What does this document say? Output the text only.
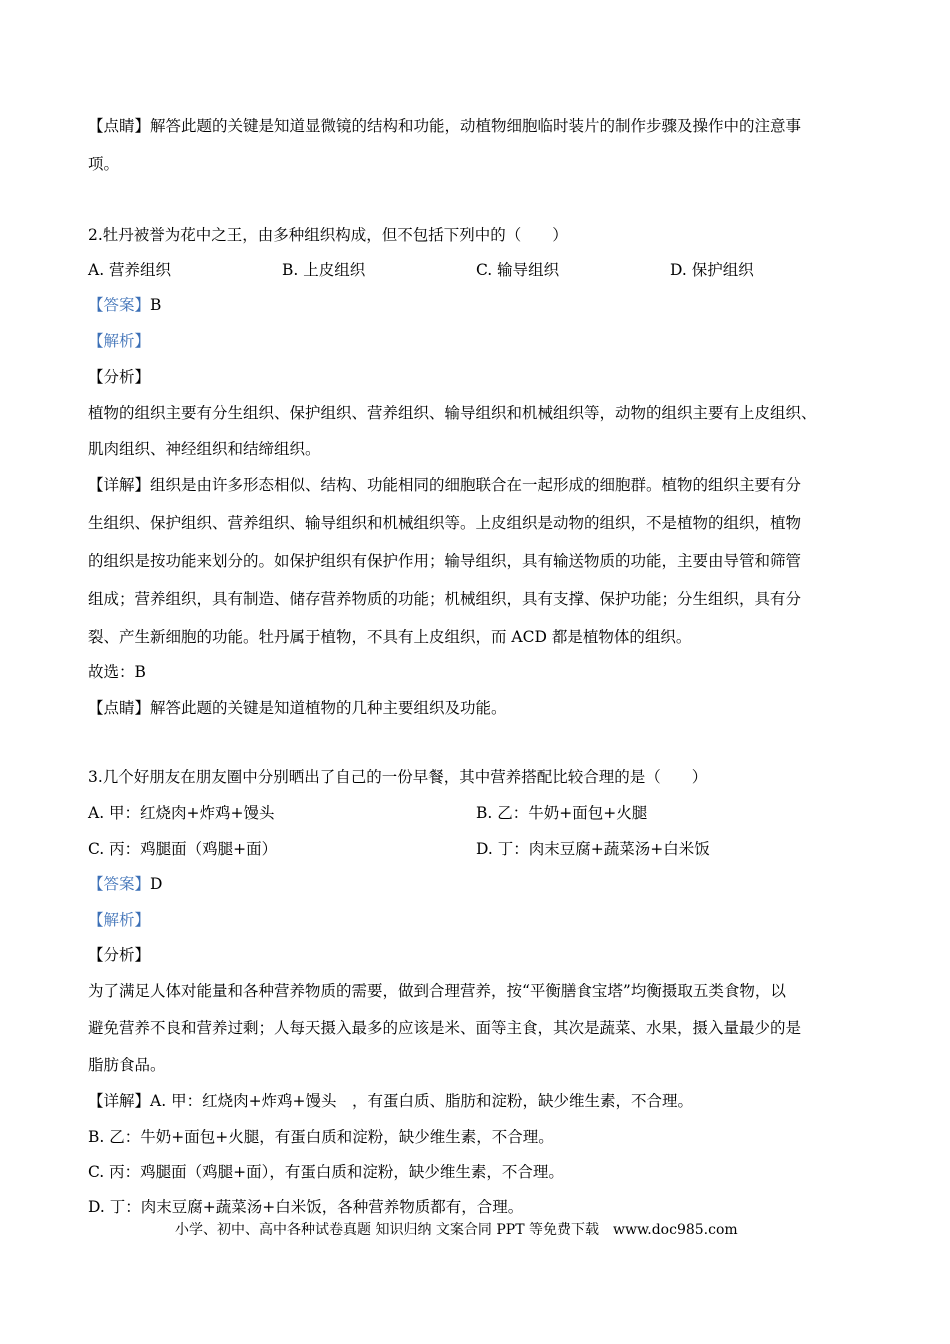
【点睛】解答此题的关键是知道显微镜的结构和功能，动植物细胞临时装片的制作步骤及操作中的注意事
项。
2.牡丹被誉为花中之王，由多种组织构成，但不包括下列中的（　　）
A. 营养组织	B. 上皮组织	C. 输导组织	D. 保护组织
【答案】B
【解析】
【分析】
植物的组织主要有分生组织、保护组织、营养组织、输导组织和机械组织等，动物的组织主要有上皮组织、
肌肉组织、神经组织和结缔组织。
【详解】组织是由许多形态相似、结构、功能相同的细胞联合在一起形成的细胞群。植物的组织主要有分
生组织、保护组织、营养组织、输导组织和机械组织等。上皮组织是动物的组织，不是植物的组织，植物
的组织是按功能来划分的。如保护组织有保护作用；输导组织，具有输送物质的功能，主要由导管和筛管
组成；营养组织，具有制造、储存营养物质的功能；机械组织，具有支撑、保护功能；分生组织，具有分
裂、产生新细胞的功能。牡丹属于植物，不具有上皮组织，而 ACD 都是植物体的组织。
故选：B
【点睛】解答此题的关键是知道植物的几种主要组织及功能。
3.几个好朋友在朋友圈中分别晒出了自己的一份早餐，其中营养搭配比较合理的是（　　）
A. 甲：红烧肉+炸鸡+馒头	B. 乙：牛奶+面包+火腿
C. 丙：鸡腿面（鸡腿+面）	D. 丁：肉末豆腐+蔬菜汤+白米饭
【答案】D
【解析】
【分析】
为了满足人体对能量和各种营养物质的需要，做到合理营养，按“平衡膳食宝塔”均衡摄取五类食物，以
避免营养不良和营养过剩；人每天摄入最多的应该是米、面等主食，其次是蔬菜、水果，摄入量最少的是
脂肪食品。
【详解】A. 甲：红烧肉+炸鸡+馒头　，有蛋白质、脂肪和淀粉，缺少维生素，不合理。
B. 乙：牛奶+面包+火腿，有蛋白质和淀粉，缺少维生素，不合理。
C. 丙：鸡腿面（鸡腿+面），有蛋白质和淀粉，缺少维生素，不合理。
D. 丁：肉末豆腐+蔬菜汤+白米饭，各种营养物质都有，合理。
小学、初中、高中各种试卷真题 知识归纳 文案合同 PPT 等免费下载　www.doc985.com
